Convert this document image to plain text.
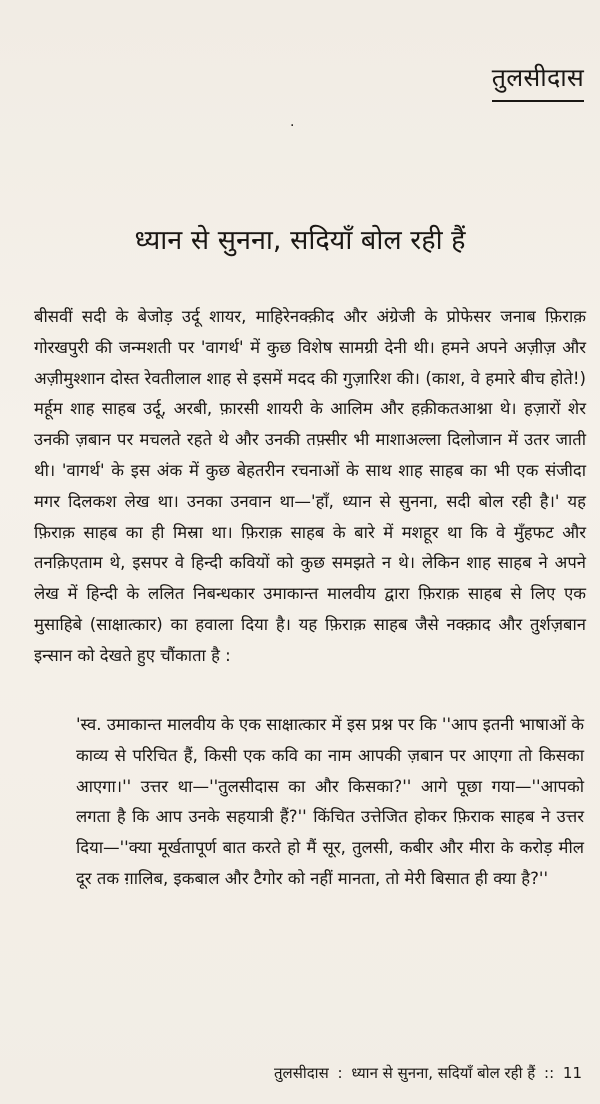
तुलसीदास
·
ध्यान से सुनना, सदियाँ बोल रही हैं

बीसवीं सदी के बेजोड़ उर्दू शायर, माहिरेनक्क़ीद और अंग्रेजी के प्रोफेसर जनाब फ़िराक़ गोरखपुरी की जन्मशती पर 'वागर्थ' में कुछ विशेष सामग्री देनी थी। हमने अपने अज़ीज़ और अज़ीमुश्शान दोस्त रेवतीलाल शाह से इसमें मदद की गुज़ारिश की। (काश, वे हमारे बीच होते!) मर्हूम शाह साहब उर्दू, अरबी, फ़ारसी शायरी के आलिम और हक़ीकतआश्ना थे। हज़ारों शेर उनकी ज़बान पर मचलते रहते थे और उनकी तफ़्सीर भी माशाअल्ला दिलोजान में उतर जाती थी। 'वागर्थ' के इस अंक में कुछ बेहतरीन रचनाओं के साथ शाह साहब का भी एक संजीदा मगर दिलकश लेख था। उनका उनवान था—'हाँ, ध्यान से सुनना, सदी बोल रही है।' यह फ़िराक़ साहब का ही मिस्रा था। फ़िराक़ साहब के बारे में मशहूर था कि वे मुँहफट और तनक़िएताम थे, इसपर वे हिन्दी कवियों को कुछ समझते न थे। लेकिन शाह साहब ने अपने लेख में हिन्दी के ललित निबन्धकार उमाकान्त मालवीय द्वारा फ़िराक़ साहब से लिए एक मुसाहिबे (साक्षात्कार) का हवाला दिया है। यह फ़िराक़ साहब जैसे नक्क़ाद और तुर्शज़बान इन्सान को देखते हुए चौंकाता है :

'स्व. उमाकान्त मालवीय के एक साक्षात्कार में इस प्रश्न पर कि ''आप इतनी भाषाओं के काव्य से परिचित हैं, किसी एक कवि का नाम आपकी ज़बान पर आएगा तो किसका आएगा।'' उत्तर था—''तुलसीदास का और किसका?'' आगे पूछा गया—''आपको लगता है कि आप उनके सहयात्री हैं?'' किंचित उत्तेजित होकर फ़िराक साहब ने उत्तर दिया—''क्या मूर्खतापूर्ण बात करते हो मैं सूर, तुलसी, कबीर और मीरा के करोड़ मील दूर तक ग़ालिब, इकबाल और टैगोर को नहीं मानता, तो मेरी बिसात ही क्या है?''

तुलसीदास : ध्यान से सुनना, सदियाँ बोल रही हैं :: 11
